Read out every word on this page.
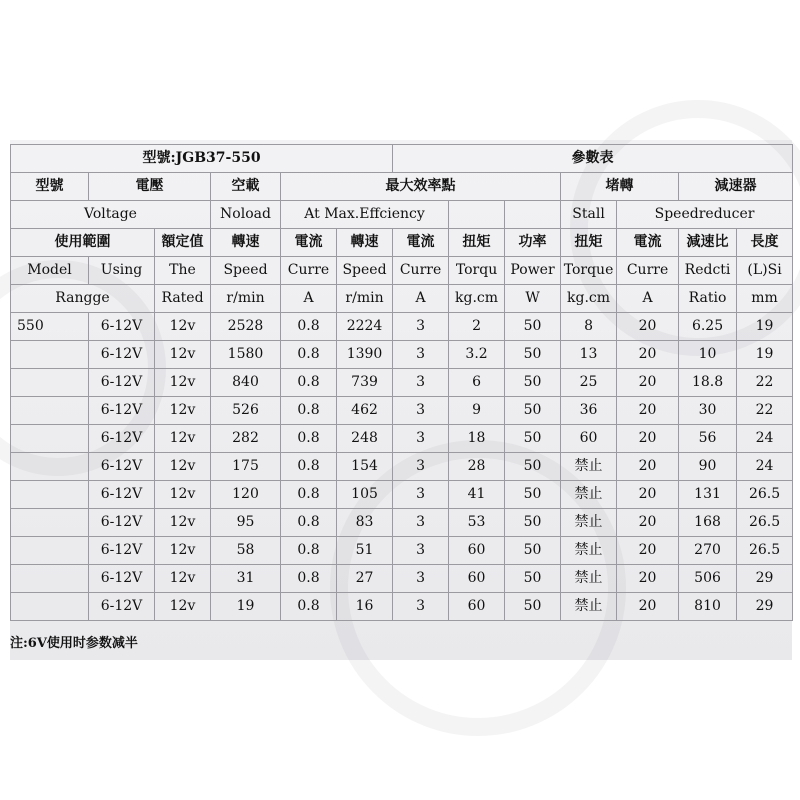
型號:JGB37-550						參數表						
型號	電壓		空載	最大效率點					堵轉		減速器	
Voltage			Noload	At Max.Effciency					Stall	Speedreducer		
使用範圍		額定值	轉速	電流	轉速	電流	扭矩	功率	扭矩	電流	減速比	長度
Model	Using	The	Speed	Curre	Speed	Curre	Torqu	Power	Torque	Curre	Redcti	(L)Si
Rangge		Rated	r/min	A	r/min	A	kg.cm	W	kg.cm	A	Ratio	mm
550	6-12V	12v	2528	0.8	2224	3	2	50	8	20	6.25	19
	6-12V	12v	1580	0.8	1390	3	3.2	50	13	20	10	19
	6-12V	12v	840	0.8	739	3	6	50	25	20	18.8	22
	6-12V	12v	526	0.8	462	3	9	50	36	20	30	22
	6-12V	12v	282	0.8	248	3	18	50	60	20	56	24
	6-12V	12v	175	0.8	154	3	28	50	禁止	20	90	24
	6-12V	12v	120	0.8	105	3	41	50	禁止	20	131	26.5
	6-12V	12v	95	0.8	83	3	53	50	禁止	20	168	26.5
	6-12V	12v	58	0.8	51	3	60	50	禁止	20	270	26.5
	6-12V	12v	31	0.8	27	3	60	50	禁止	20	506	29
	6-12V	12v	19	0.8	16	3	60	50	禁止	20	810	29

注:6V使用时参数减半
